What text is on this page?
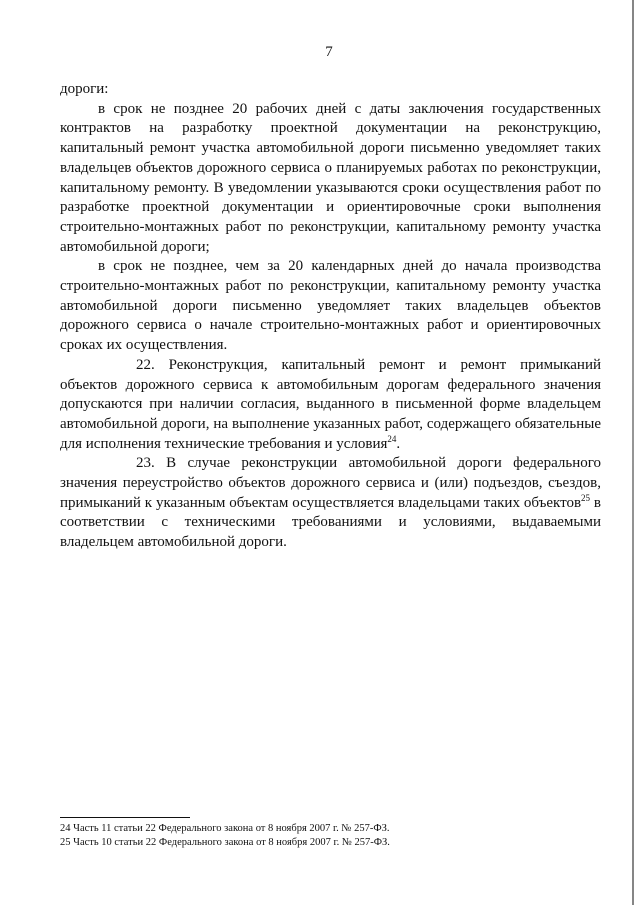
7

дороги:

в срок не позднее 20 рабочих дней с даты заключения государственных контрактов на разработку проектной документации на реконструкцию, капитальный ремонт участка автомобильной дороги письменно уведомляет таких владельцев объектов дорожного сервиса о планируемых работах по реконструкции, капитальному ремонту. В уведомлении указываются сроки осуществления работ по разработке проектной документации и ориентировочные сроки выполнения строительно-монтажных работ по реконструкции, капитальному ремонту участка автомобильной дороги;

в срок не позднее, чем за 20 календарных дней до начала производства строительно-монтажных работ по реконструкции, капитальному ремонту участка автомобильной дороги письменно уведомляет таких владельцев объектов дорожного сервиса о начале строительно-монтажных работ и ориентировочных сроках их осуществления.

22. Реконструкция, капитальный ремонт и ремонт примыканий объектов дорожного сервиса к автомобильным дорогам федерального значения допускаются при наличии согласия, выданного в письменной форме владельцем автомобильной дороги, на выполнение указанных работ, содержащего обязательные для исполнения технические требования и условия$^{24}$.

23. В случае реконструкции автомобильной дороги федерального значения переустройство объектов дорожного сервиса и (или) подъездов, съездов, примыканий к указанным объектам осуществляется владельцами таких объектов$^{25}$ в соответствии с техническими требованиями и условиями, выдаваемыми владельцем автомобильной дороги.

24 Часть 11 статьи 22 Федерального закона от 8 ноября 2007 г. № 257-ФЗ.

25 Часть 10 статьи 22 Федерального закона от 8 ноября 2007 г. № 257-ФЗ.
